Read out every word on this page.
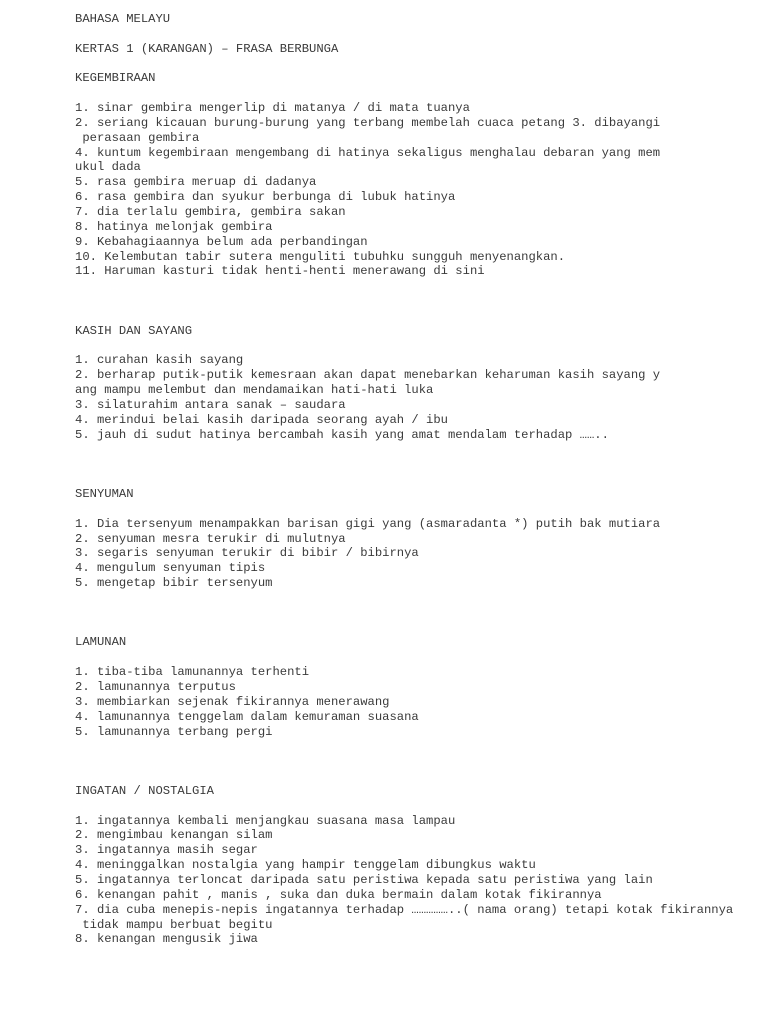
BAHASA MELAYU
KERTAS 1 (KARANGAN) – FRASA BERBUNGA
KEGEMBIRAAN
1. sinar gembira mengerlip di matanya / di mata tuanya
2. seriang kicauan burung-burung yang terbang membelah cuaca petang 3. dibayangi
perasaan gembira
4. kuntum kegembiraan mengembang di hatinya sekaligus menghalau debaran yang mem
ukul dada
5. rasa gembira meruap di dadanya
6. rasa gembira dan syukur berbunga di lubuk hatinya
7. dia terlalu gembira, gembira sakan
8. hatinya melonjak gembira
9. Kebahagiaannya belum ada perbandingan
10. Kelembutan tabir sutera menguliti tubuhku sungguh menyenangkan.
11. Haruman kasturi tidak henti-henti menerawang di sini
KASIH DAN SAYANG
1. curahan kasih sayang
2. berharap putik-putik kemesraan akan dapat menebarkan keharuman kasih sayang y
ang mampu melembut dan mendamaikan hati-hati luka
3. silaturahim antara sanak – saudara
4. merindui belai kasih daripada seorang ayah / ibu
5. jauh di sudut hatinya bercambah kasih yang amat mendalam terhadap ……..
SENYUMAN
1. Dia tersenyum menampakkan barisan gigi yang (asmaradanta *) putih bak mutiara
2. senyuman mesra terukir di mulutnya
3. segaris senyuman terukir di bibir / bibirnya
4. mengulum senyuman tipis
5. mengetap bibir tersenyum
LAMUNAN
1. tiba-tiba lamunannya terhenti
2. lamunannya terputus
3. membiarkan sejenak fikirannya menerawang
4. lamunannya tenggelam dalam kemuraman suasana
5. lamunannya terbang pergi
INGATAN / NOSTALGIA
1. ingatannya kembali menjangkau suasana masa lampau
2. mengimbau kenangan silam
3. ingatannya masih segar
4. meninggalkan nostalgia yang hampir tenggelam dibungkus waktu
5. ingatannya terloncat daripada satu peristiwa kepada satu peristiwa yang lain
6. kenangan pahit , manis , suka dan duka bermain dalam kotak fikirannya
7. dia cuba menepis-nepis ingatannya terhadap ……………..( nama orang) tetapi kotak fikirannya
tidak mampu berbuat begitu
8. kenangan mengusik jiwa
